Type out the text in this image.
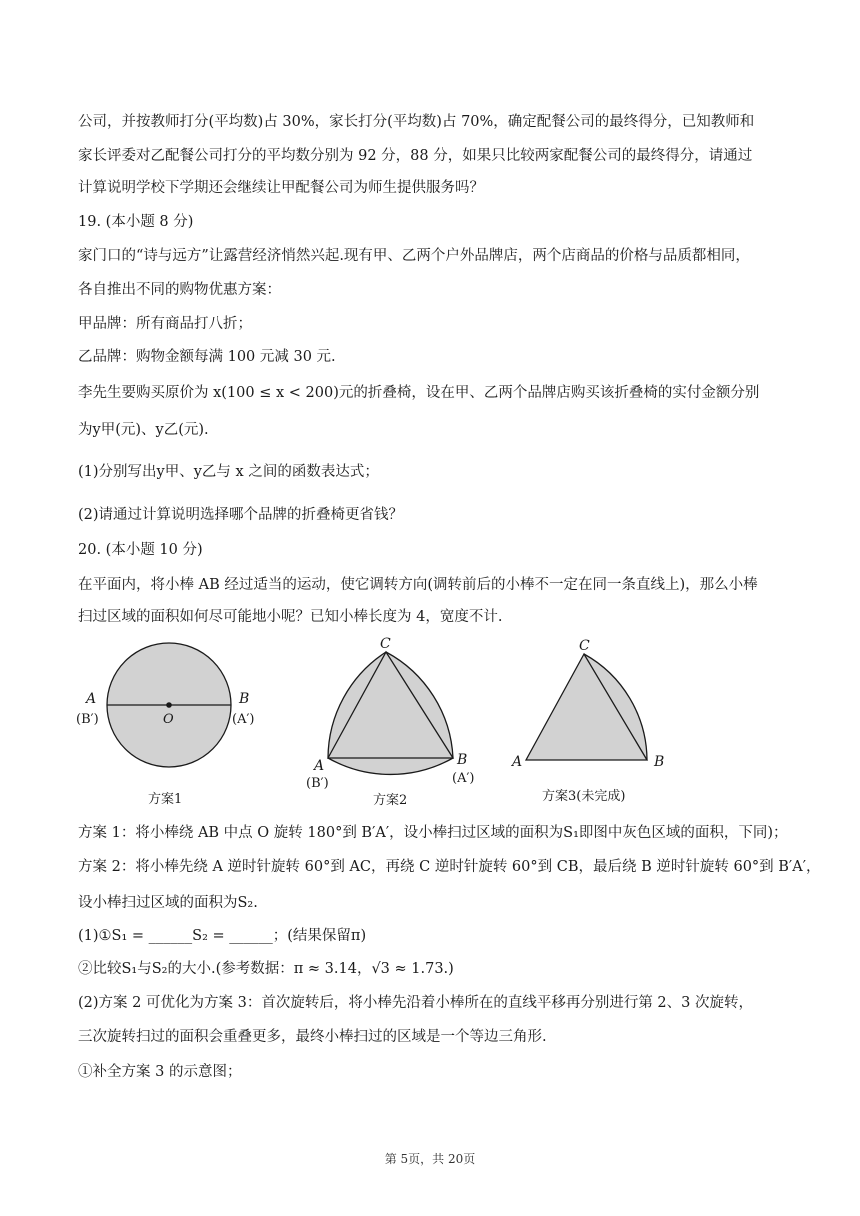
公司，并按教师打分(平均数)占 30%，家长打分(平均数)占 70%，确定配餐公司的最终得分，已知教师和
家长评委对乙配餐公司打分的平均数分别为 92 分，88 分，如果只比较两家配餐公司的最终得分，请通过
计算说明学校下学期还会继续让甲配餐公司为师生提供服务吗？
19. (本小题 8 分)
家门口的“诗与远方”让露营经济悄然兴起.现有甲、乙两个户外品牌店，两个店商品的价格与品质都相同，
各自推出不同的购物优惠方案：
甲品牌：所有商品打八折；
乙品牌：购物金额每满 100 元减 30 元.
李先生要购买原价为 x(100 ≤ x < 200)元的折叠椅，设在甲、乙两个品牌店购买该折叠椅的实付金额分别
为y甲(元)、y乙(元).
(1)分别写出y甲、y乙与 x 之间的函数表达式；
(2)请通过计算说明选择哪个品牌的折叠椅更省钱？
20. (本小题 10 分)
在平面内，将小棒 AB 经过适当的运动，使它调转方向(调转前后的小棒不一定在同一条直线上)，那么小棒
扫过区域的面积如何尽可能地小呢？已知小棒长度为 4，宽度不计.
A
(B′)	O
B
(A′)
方案1
C
A
(B′)
B
(A′)
方案2
C
A	B
方案3(未完成)
方案 1：将小棒绕 AB 中点 O 旋转 180°到 B′A′，设小棒扫过区域的面积为S₁即图中灰色区域的面积，下同)；
方案 2：将小棒先绕 A 逆时针旋转 60°到 AC，再绕 C 逆时针旋转 60°到 CB，最后绕 B 逆时针旋转 60°到 B′A′，
设小棒扫过区域的面积为S₂.
(1)①S₁ = ______S₂ = ______；(结果保留π)
②比较S₁与S₂的大小.(参考数据：π ≈ 3.14，√3 ≈ 1.73.)
(2)方案 2 可优化为方案 3：首次旋转后，将小棒先沿着小棒所在的直线平移再分别进行第 2、3 次旋转，
三次旋转扫过的面积会重叠更多，最终小棒扫过的区域是一个等边三角形.
①补全方案 3 的示意图；
第 5页，共 20页
